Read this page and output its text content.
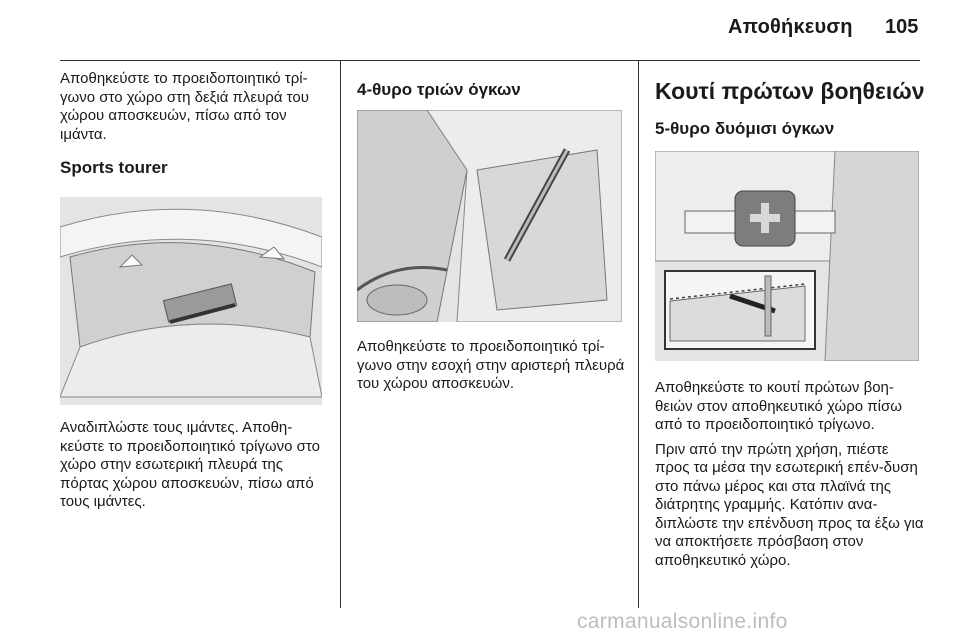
Αποθήκευση 105

Αποθηκεύστε το προειδοποιητικό τρί-γωνο στο χώρο στη δεξιά πλευρά του χώρου αποσκευών, πίσω από τον ιμάντα.

Sports tourer

Αναδιπλώστε τους ιμάντες. Αποθη-κεύστε το προειδοποιητικό τρίγωνο στο χώρο στην εσωτερική πλευρά της πόρτας χώρου αποσκευών, πίσω από τους ιμάντες.

4-θυρο τριών όγκων

Αποθηκεύστε το προειδοποιητικό τρί-γωνο στην εσοχή στην αριστερή πλευρά του χώρου αποσκευών.

Κουτί πρώτων βοηθειών
5-θυρο δυόμισι όγκων

Αποθηκεύστε το κουτί πρώτων βοη-θειών στον αποθηκευτικό χώρο πίσω από το προειδοποιητικό τρίγωνο.

Πριν από την πρώτη χρήση, πιέστε προς τα μέσα την εσωτερική επέν-δυση στο πάνω μέρος και στα πλαϊνά της διάτρητης γραμμής. Κατόπιν ανα-διπλώστε την επένδυση προς τα έξω για να αποκτήσετε πρόσβαση στον αποθηκευτικό χώρο.

carmanualsonline.info
